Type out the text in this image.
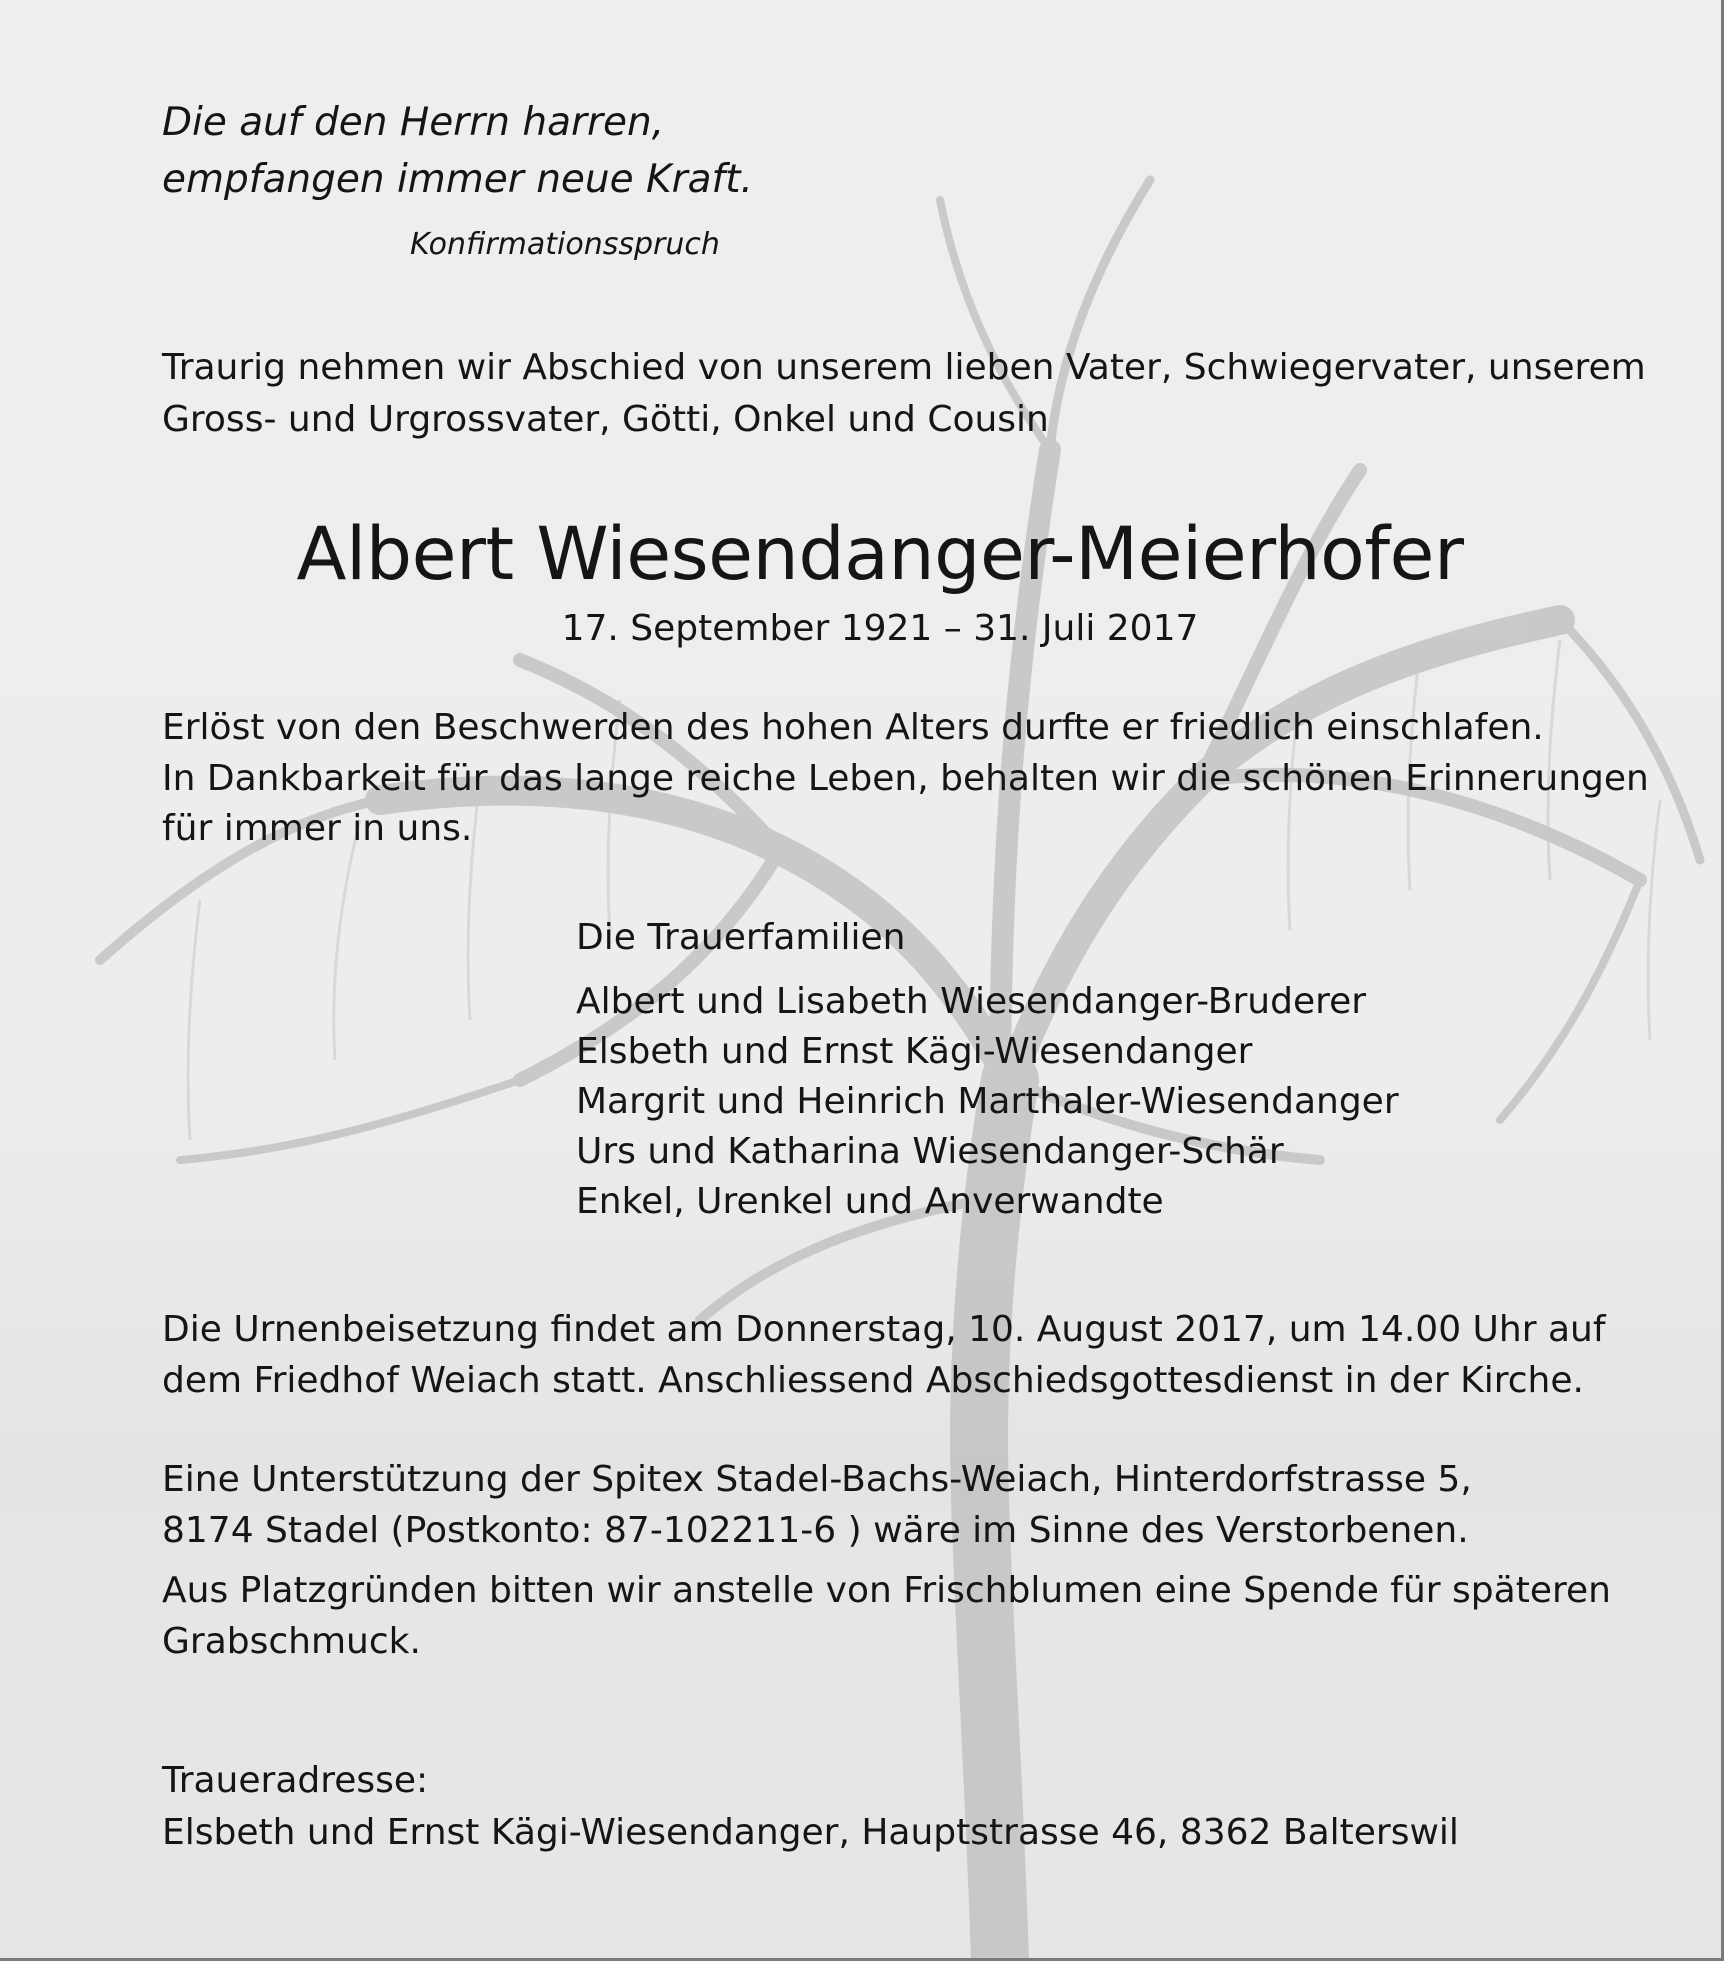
Die auf den Herrn harren,

empfangen immer neue Kraft.

Konfirmationsspruch

Traurig nehmen wir Abschied von unserem lieben Vater, Schwiegervater, unserem

Gross- und Urgrossvater, Götti, Onkel und Cousin

Albert Wiesendanger-Meierhofer

17. September 1921 – 31. Juli 2017

Erlöst von den Beschwerden des hohen Alters durfte er friedlich einschlafen.

In Dankbarkeit für das lange reiche Leben, behalten wir die schönen Erinnerungen

für immer in uns.

Die Trauerfamilien

Albert und Lisabeth Wiesendanger-Bruderer

Elsbeth und Ernst Kägi-Wiesendanger

Margrit und Heinrich Marthaler-Wiesendanger

Urs und Katharina Wiesendanger-Schär

Enkel, Urenkel und Anverwandte

Die Urnenbeisetzung findet am Donnerstag, 10. August 2017, um 14.00 Uhr auf

dem Friedhof Weiach statt. Anschliessend Abschiedsgottesdienst in der Kirche.

Eine Unterstützung der Spitex Stadel-Bachs-Weiach, Hinterdorfstrasse 5,

8174 Stadel (Postkonto: 87-102211-6 ) wäre im Sinne des Verstorbenen.

Aus Platzgründen bitten wir anstelle von Frischblumen eine Spende für späteren

Grabschmuck.

Traueradresse:

Elsbeth und Ernst Kägi-Wiesendanger, Hauptstrasse 46, 8362 Balterswil
